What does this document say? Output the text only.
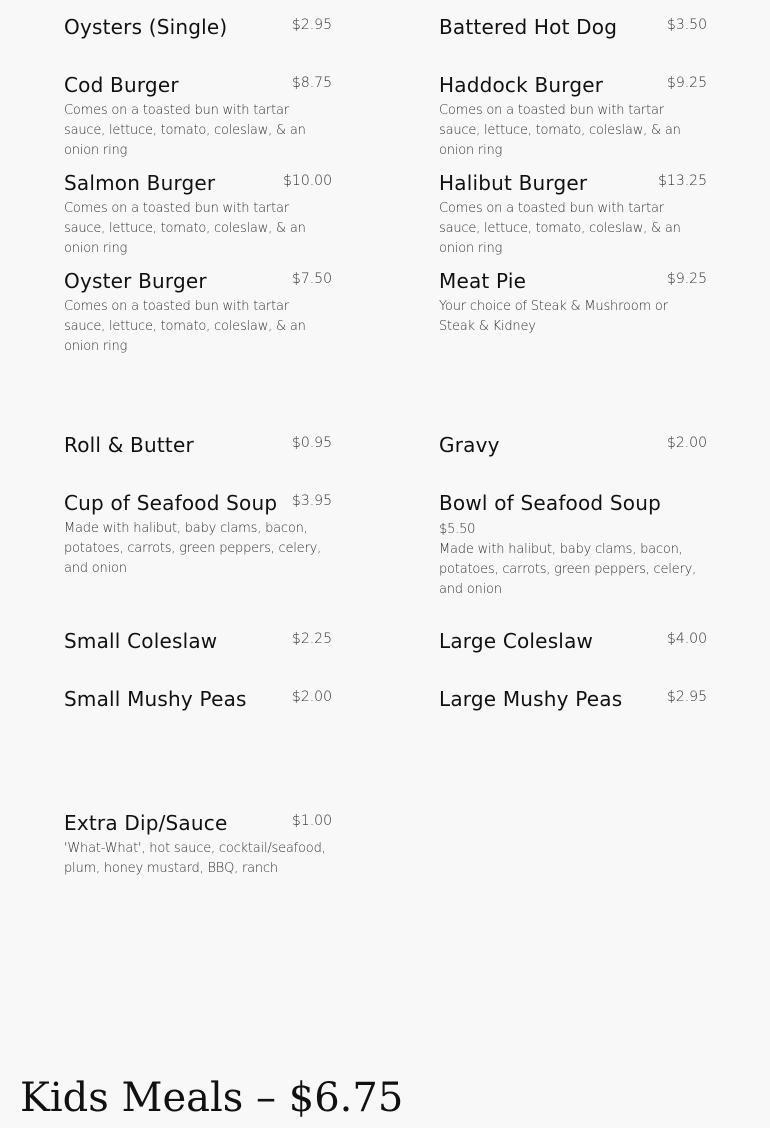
Oysters (Single)	$2.95
Cod Burger	$8.75
Comes on a toasted bun with tartar sauce, lettuce, tomato, coleslaw, & an onion ring
Salmon Burger	$10.00
Comes on a toasted bun with tartar sauce, lettuce, tomato, coleslaw, & an onion ring
Oyster Burger	$7.50
Comes on a toasted bun with tartar sauce, lettuce, tomato, coleslaw, & an onion ring
Battered Hot Dog	$3.50
Haddock Burger	$9.25
Comes on a toasted bun with tartar sauce, lettuce, tomato, coleslaw, & an onion ring
Halibut Burger	$13.25
Comes on a toasted bun with tartar sauce, lettuce, tomato, coleslaw, & an onion ring
Meat Pie	$9.25
Your choice of Steak & Mushroom or Steak & Kidney
Roll & Butter	$0.95
Cup of Seafood Soup $3.95
Made with halibut, baby clams, bacon, potatoes, carrots, green peppers, celery, and onion
Small Coleslaw	$2.25
Small Mushy Peas	$2.00
Gravy	$2.00
Bowl of Seafood Soup
$5.50
Made with halibut, baby clams, bacon, potatoes, carrots, green peppers, celery, and onion
Large Coleslaw	$4.00
Large Mushy Peas	$2.95
Extra Dip/Sauce	$1.00
'What-What', hot sauce, cocktail/seafood, plum, honey mustard, BBQ, ranch
Kids Meals – $6.75
